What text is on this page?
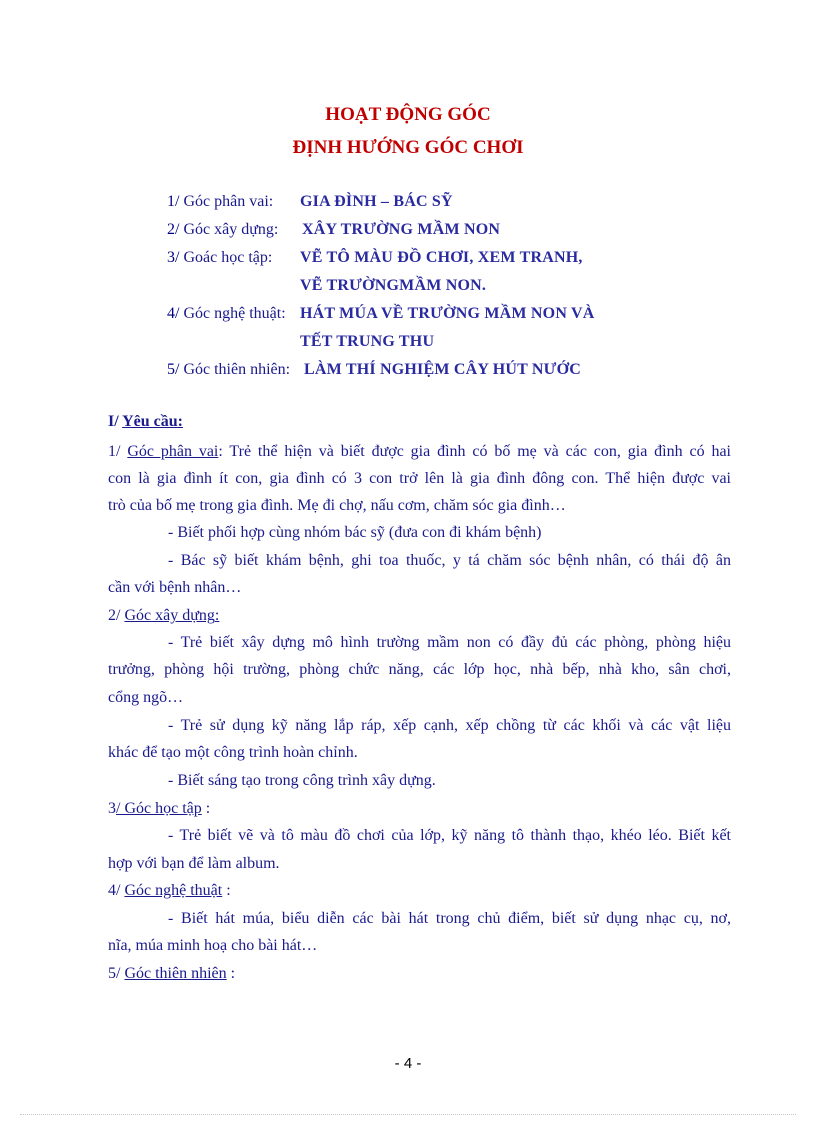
HOẠT ĐỘNG GÓC
ĐỊNH HƯỚNG GÓC CHƠI
1/ Góc phân vai: GIA ĐÌNH – BÁC SỸ
2/ Góc xây dựng: XÂY TRƯỜNG MẦM NON
3/ Goác học tập: VẼ TÔ MÀU ĐỒ CHƠI, XEM TRANH,
VẼ TRƯỜNGMẦM NON.
4/ Góc nghệ thuật: HÁT MÚA VỀ TRƯỜNG MẦM NON VÀ
TẾT TRUNG THU
5/ Góc thiên nhiên: LÀM THÍ NGHIỆM CÂY HÚT NƯỚC
I/ Yêu cầu:
1/ Góc phân vai: Trẻ thể hiện và biết được gia đình có bố mẹ và các con, gia đình có hai
con là gia đình ít con, gia đình có 3 con trở lên là gia đình đông con. Thể hiện được vai
trò của bố mẹ trong gia đình. Mẹ đi chợ, nấu cơm, chăm sóc gia đình…
- Biết phối hợp cùng nhóm bác sỹ (đưa con đi khám bệnh)
- Bác sỹ biết khám bệnh, ghi toa thuốc, y tá chăm sóc bệnh nhân, có thái độ ân
cần với bệnh nhân…
2/ Góc xây dựng:
- Trẻ biết xây dựng mô hình trường mầm non có đầy đủ các phòng, phòng hiệu
trưởng, phòng hội trường, phòng chức năng, các lớp học, nhà bếp, nhà kho, sân chơi,
cổng ngõ…
- Trẻ sử dụng kỹ năng lắp ráp, xếp cạnh, xếp chồng từ các khối và các vật liệu
khác để tạo một công trình hoàn chỉnh.
- Biết sáng tạo trong công trình xây dựng.
3/ Góc học tập :
- Trẻ biết vẽ và tô màu đồ chơi của lớp, kỹ năng tô thành thạo, khéo léo. Biết kết
hợp với bạn để làm album.
4/ Góc nghệ thuật :
- Biết hát múa, biểu diễn các bài hát trong chủ điểm, biết sử dụng nhạc cụ, nơ,
nĩa, múa minh hoạ cho bài hát…
5/ Góc thiên nhiên :
- 4 -
